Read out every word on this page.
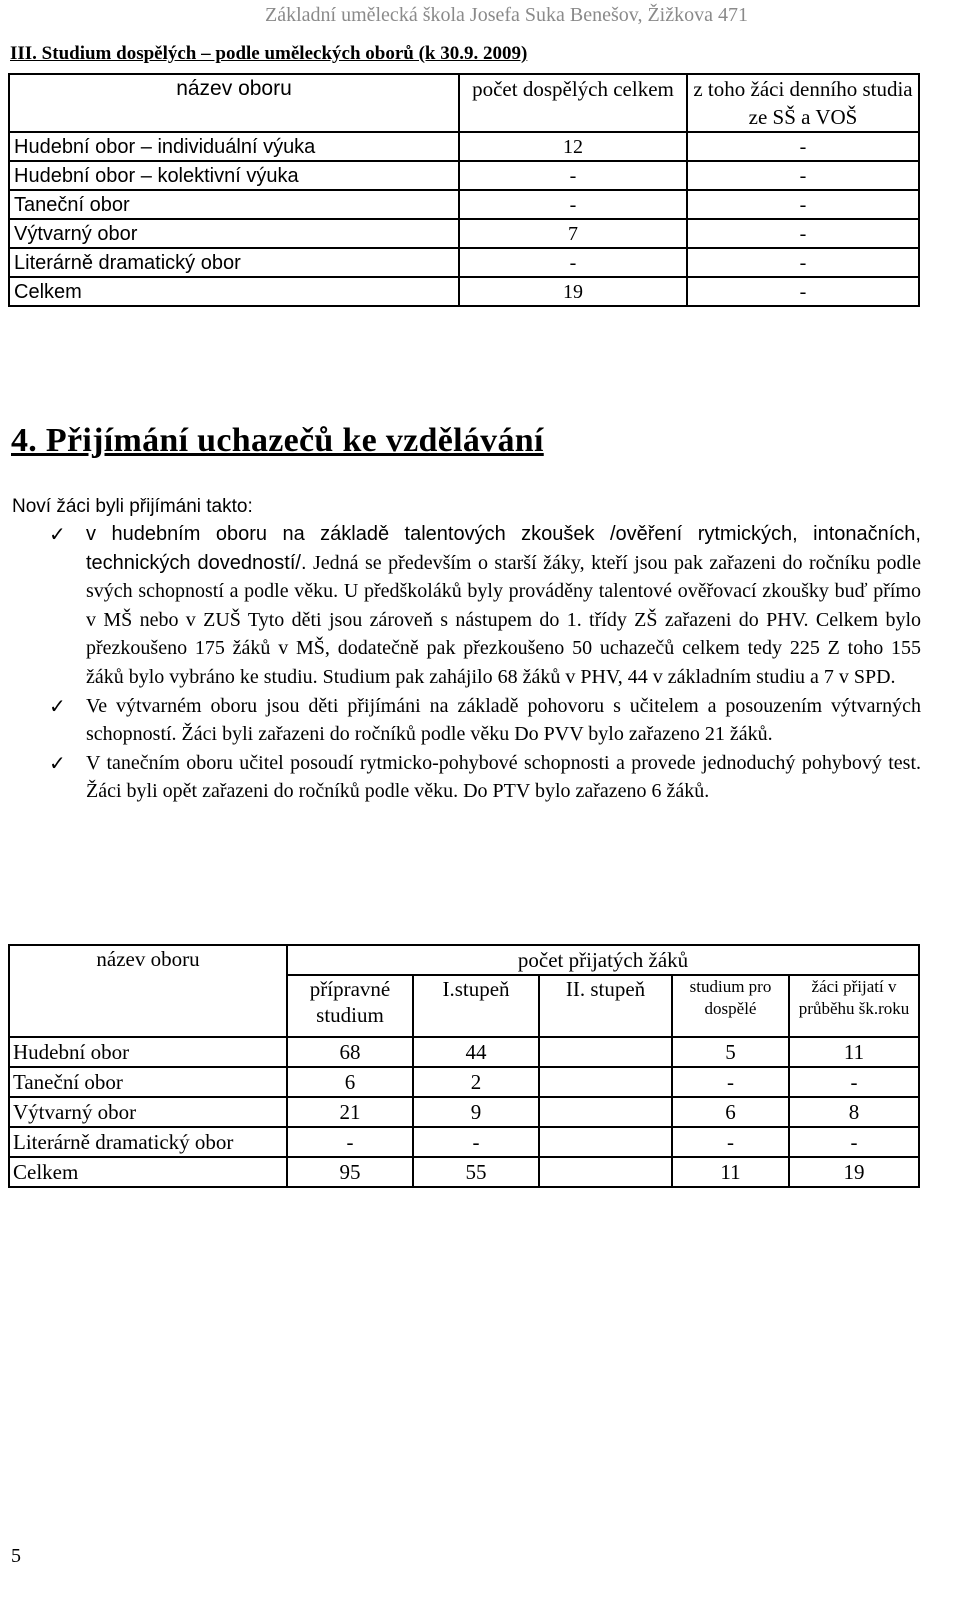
Základní umělecká škola Josefa Suka Benešov, Žižkova 471
III. Studium dospělých – podle uměleckých oborů (k 30.9. 2009)
název oboru	počet dospělých celkem	z toho žáci denního studia ze SŠ a VOŠ
Hudební obor – individuální výuka	12	-
Hudební obor – kolektivní výuka	-	-
Taneční obor	-	-
Výtvarný obor	7	-
Literárně dramatický obor	-	-
Celkem	19	-
4. Přijímání uchazečů ke vzdělávání
Noví žáci byli přijímáni takto:
✓ v hudebním oboru na základě talentových zkoušek /ověření rytmických, intonačních, technických dovedností/. Jedná se především o starší žáky, kteří jsou pak zařazeni do ročníku podle svých schopností a podle věku. U předškoláků byly prováděny talentové ověřovací zkoušky buď přímo v MŠ nebo v ZUŠ Tyto děti jsou zároveň s nástupem do 1. třídy ZŠ zařazeni do PHV. Celkem bylo přezkoušeno 175 žáků v MŠ, dodatečně pak přezkoušeno 50 uchazečů celkem tedy 225 Z toho 155 žáků bylo vybráno ke studiu. Studium pak zahájilo 68 žáků v PHV, 44 v základním studiu a 7 v SPD.
✓ Ve výtvarném oboru jsou děti přijímáni na základě pohovoru s učitelem a posouzením výtvarných schopností. Žáci byli zařazeni do ročníků podle věku Do PVV bylo zařazeno 21 žáků.
✓ V tanečním oboru učitel posoudí rytmicko-pohybové schopnosti a provede jednoduchý pohybový test. Žáci byli opět zařazeni do ročníků podle věku. Do PTV bylo zařazeno 6 žáků.
název oboru	počet přijatých žáků				
	přípravné studium	I.stupeň	II. stupeň	studium pro dospělé	žáci přijatí v průběhu šk.roku
Hudební obor	68	44		5	11
Taneční obor	6	2		-	-
Výtvarný obor	21	9		6	8
Literárně dramatický obor	-	-		-	-
Celkem	95	55		11	19
5
